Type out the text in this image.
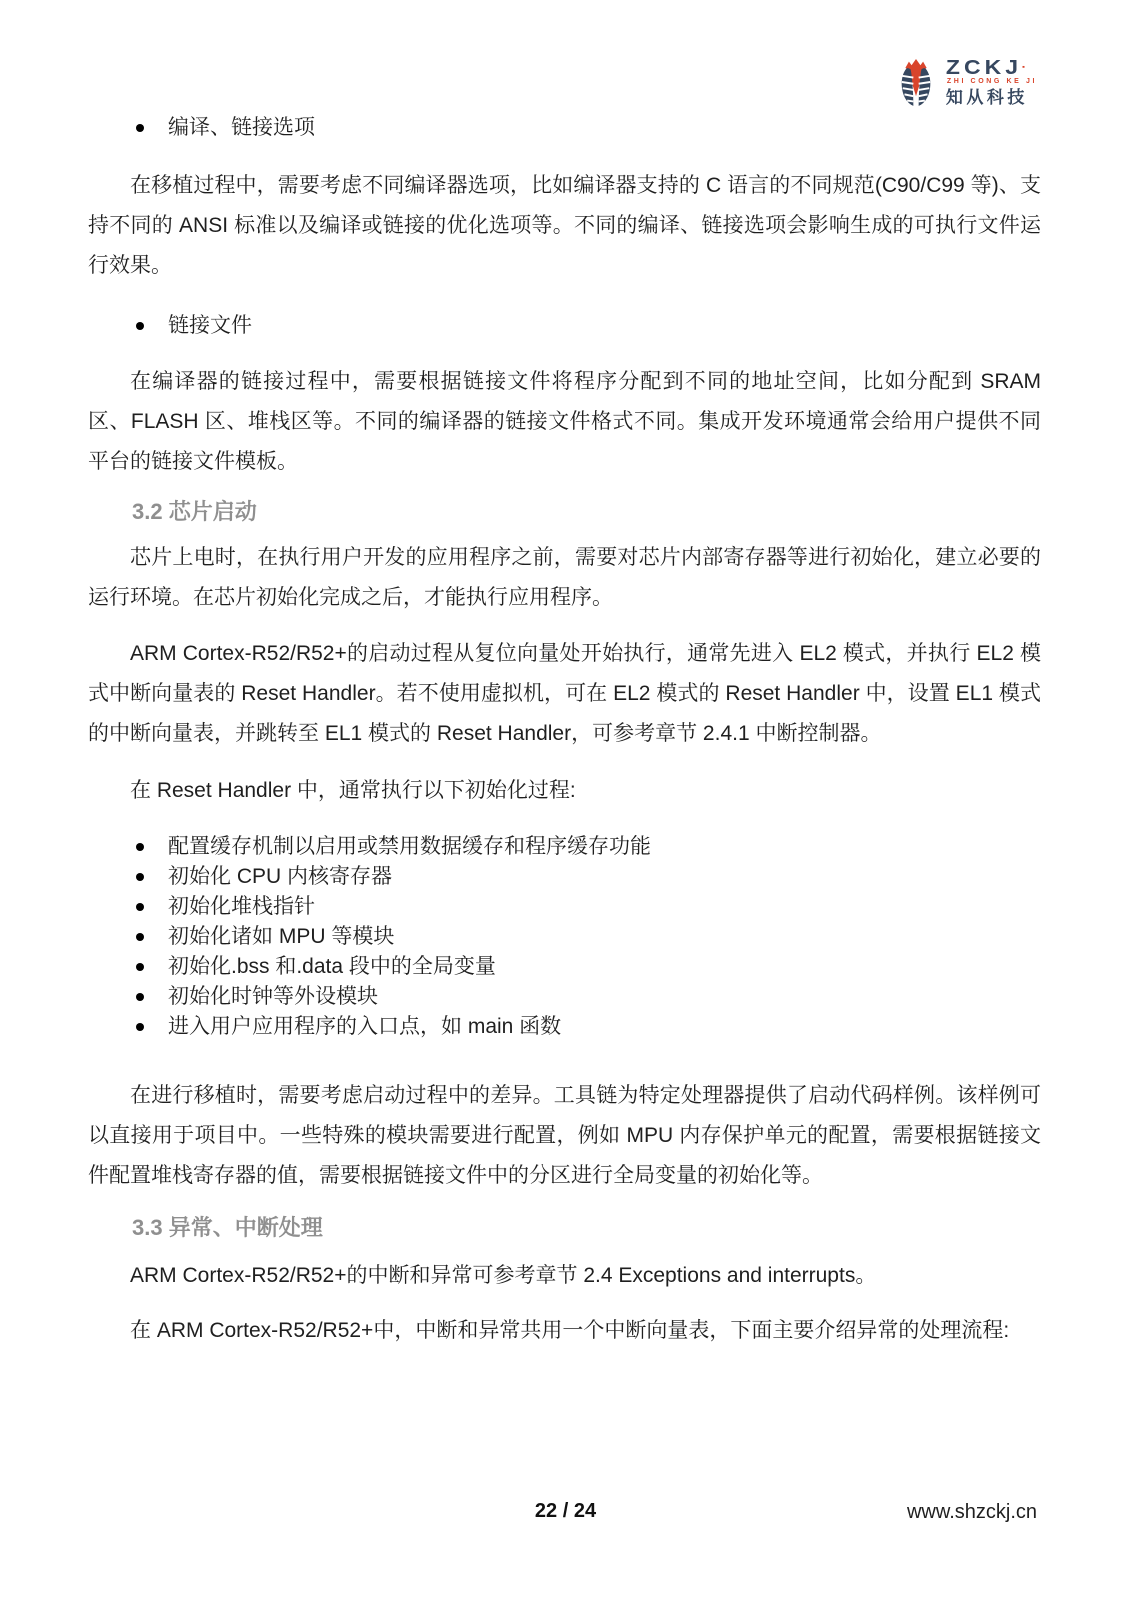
ZCKJ▪
ZHI CONG KE JI
知从科技
编译、链接选项

在移植过程中，需要考虑不同编译器选项，比如编译器支持的 C 语言的不同规范(C90/C99 等)、支持不同的 ANSI 标准以及编译或链接的优化选项等。不同的编译、链接选项会影响生成的可执行文件运行效果。

链接文件

在编译器的链接过程中，需要根据链接文件将程序分配到不同的地址空间，比如分配到 SRAM 区、FLASH 区、堆栈区等。不同的编译器的链接文件格式不同。集成开发环境通常会给用户提供不同平台的链接文件模板。

3.2 芯片启动

芯片上电时，在执行用户开发的应用程序之前，需要对芯片内部寄存器等进行初始化，建立必要的运行环境。在芯片初始化完成之后，才能执行应用程序。

ARM Cortex-R52/R52+的启动过程从复位向量处开始执行，通常先进入 EL2 模式，并执行 EL2 模式中断向量表的 Reset Handler。若不使用虚拟机，可在 EL2 模式的 Reset Handler 中，设置 EL1 模式的中断向量表，并跳转至 EL1 模式的 Reset Handler，可参考章节 2.4.1 中断控制器。

在 Reset Handler 中，通常执行以下初始化过程:

配置缓存机制以启用或禁用数据缓存和程序缓存功能
初始化 CPU 内核寄存器
初始化堆栈指针
初始化诸如 MPU 等模块
初始化.bss 和.data 段中的全局变量
初始化时钟等外设模块
进入用户应用程序的入口点，如 main 函数

在进行移植时，需要考虑启动过程中的差异。工具链为特定处理器提供了启动代码样例。该样例可以直接用于项目中。一些特殊的模块需要进行配置，例如 MPU 内存保护单元的配置，需要根据链接文件配置堆栈寄存器的值，需要根据链接文件中的分区进行全局变量的初始化等。

3.3 异常、中断处理

ARM Cortex-R52/R52+的中断和异常可参考章节 2.4 Exceptions and interrupts。

在 ARM Cortex-R52/R52+中，中断和异常共用一个中断向量表，下面主要介绍异常的处理流程:

22 / 24	www.shzckj.cn
